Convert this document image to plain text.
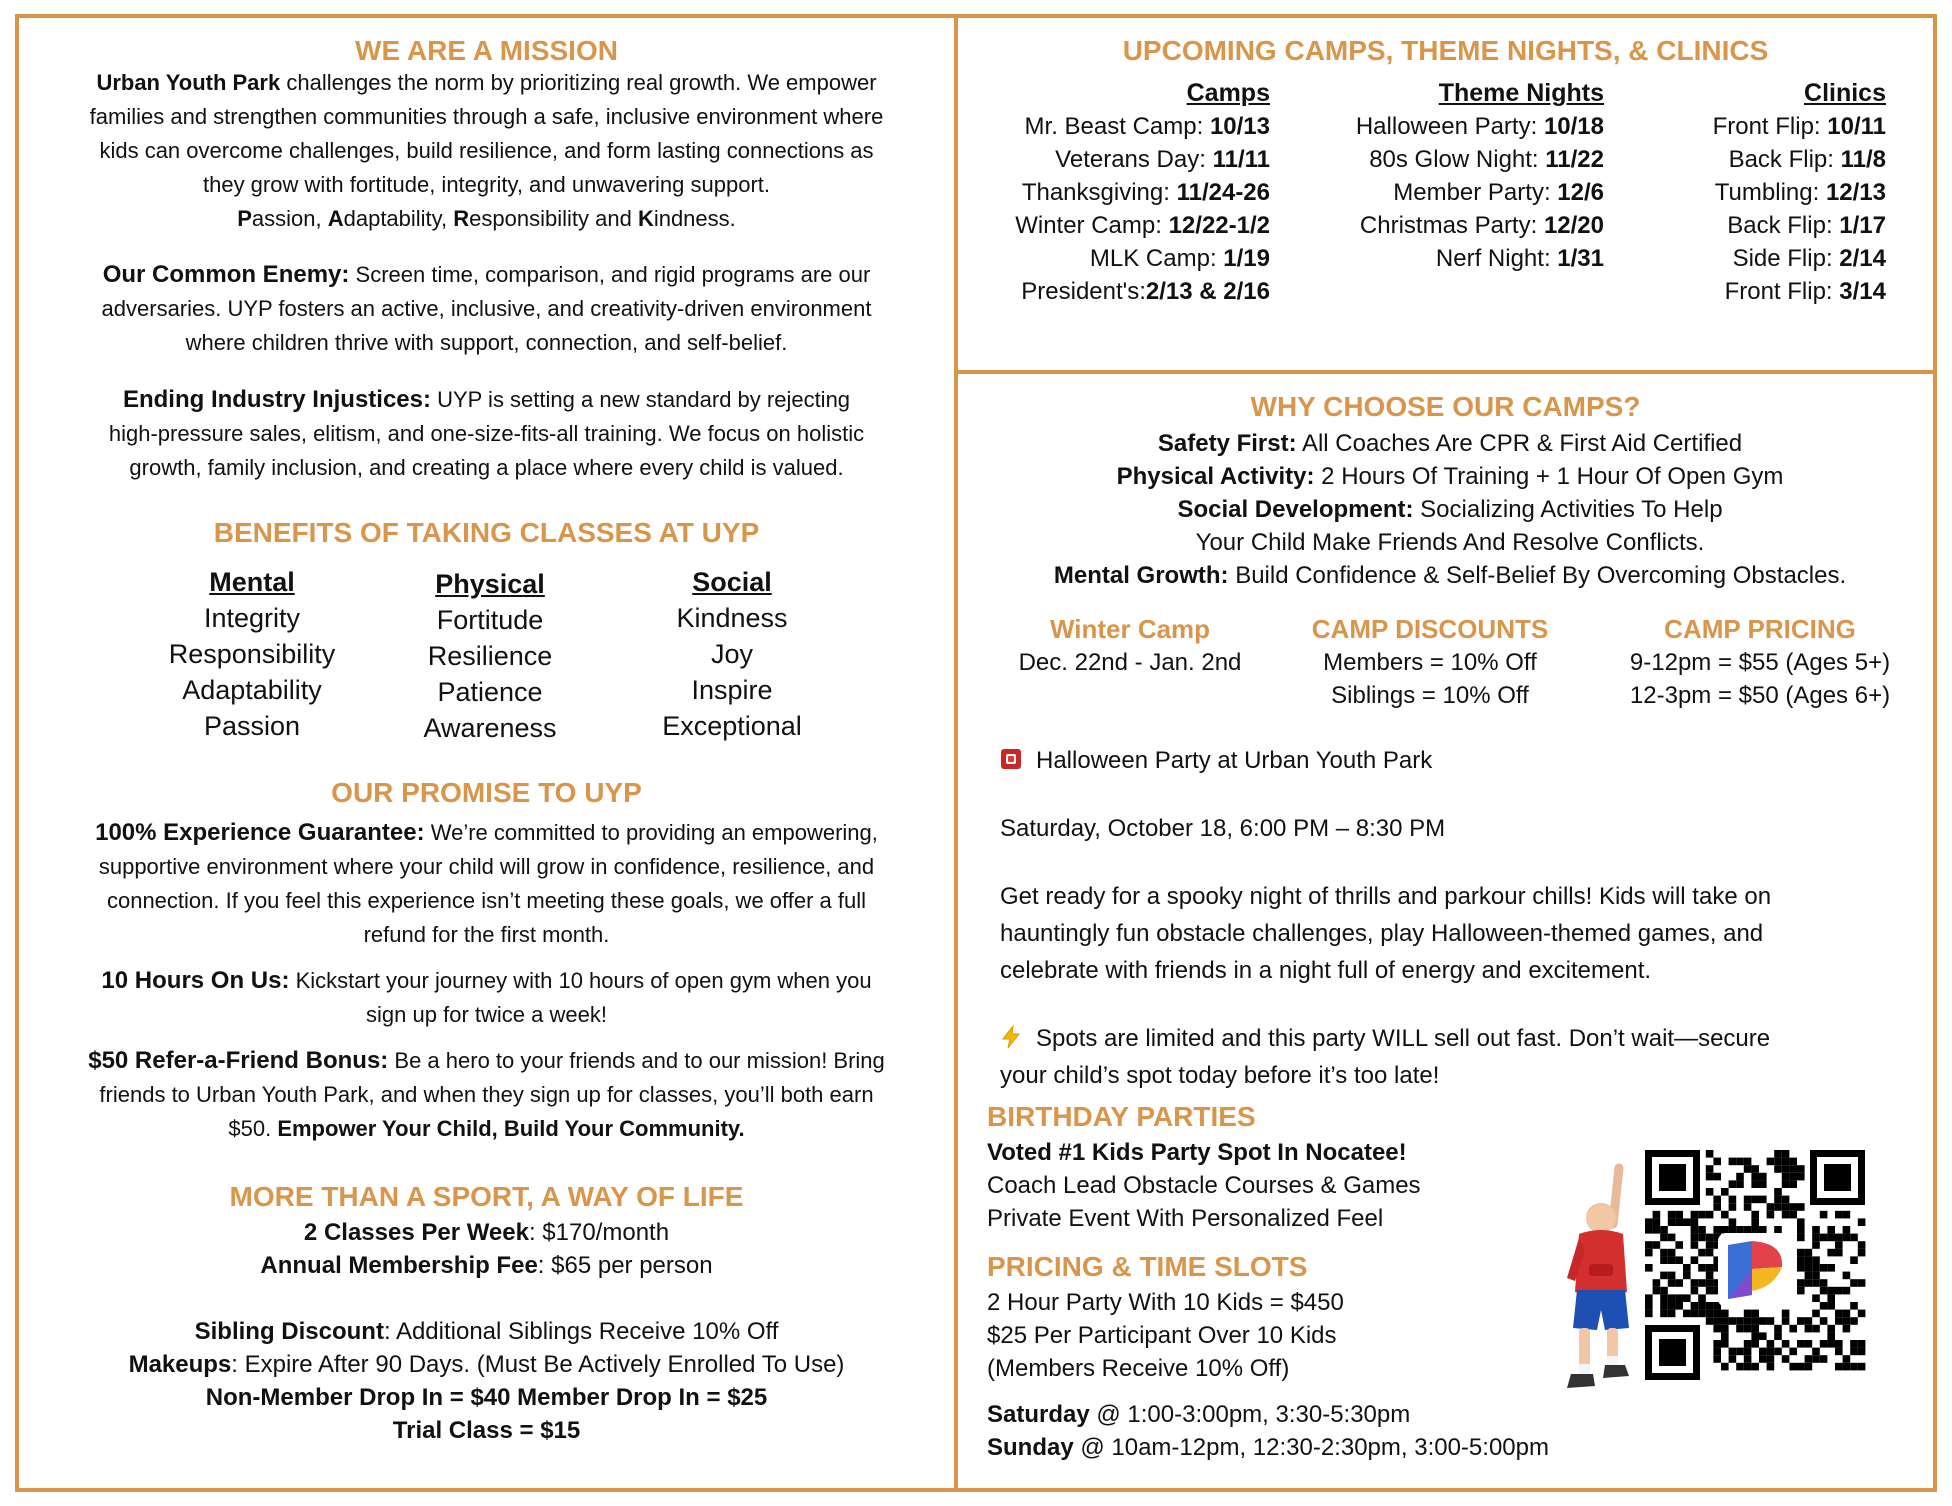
WE ARE A MISSION
Urban Youth Park challenges the norm by prioritizing real growth. We empower
families and strengthen communities through a safe, inclusive environment where
kids can overcome challenges, build resilience, and form lasting connections as
they grow with fortitude, integrity, and unwavering support.
Passion, Adaptability, Responsibility and Kindness.
Our Common Enemy: Screen time, comparison, and rigid programs are our
adversaries. UYP fosters an active, inclusive, and creativity-driven environment
where children thrive with support, connection, and self-belief.
Ending Industry Injustices: UYP is setting a new standard by rejecting
high-pressure sales, elitism, and one-size-fits-all training. We focus on holistic
growth, family inclusion, and creating a place where every child is valued.
BENEFITS OF TAKING CLASSES AT UYP
Mental
Integrity
Responsibility
Adaptability
Passion
Physical
Fortitude
Resilience
Patience
Awareness
Social
Kindness
Joy
Inspire
Exceptional
OUR PROMISE TO UYP
100% Experience Guarantee: We’re committed to providing an empowering,
supportive environment where your child will grow in confidence, resilience, and
connection. If you feel this experience isn’t meeting these goals, we offer a full
refund for the first month.
10 Hours On Us: Kickstart your journey with 10 hours of open gym when you
sign up for twice a week!
$50 Refer-a-Friend Bonus: Be a hero to your friends and to our mission! Bring
friends to Urban Youth Park, and when they sign up for classes, you’ll both earn
$50. Empower Your Child, Build Your Community.
MORE THAN A SPORT, A WAY OF LIFE
2 Classes Per Week: $170/month
Annual Membership Fee: $65 per person
Sibling Discount: Additional Siblings Receive 10% Off
Makeups: Expire After 90 Days. (Must Be Actively Enrolled To Use)
Non-Member Drop In = $40 Member Drop In = $25
Trial Class = $15
UPCOMING CAMPS, THEME NIGHTS, & CLINICS
Camps
Mr. Beast Camp: 10/13
Veterans Day: 11/11
Thanksgiving: 11/24-26
Winter Camp: 12/22-1/2
MLK Camp: 1/19
President's:2/13 & 2/16
Theme Nights
Halloween Party: 10/18
80s Glow Night: 11/22
Member Party: 12/6
Christmas Party: 12/20
Nerf Night: 1/31
Clinics
Front Flip: 10/11
Back Flip: 11/8
Tumbling: 12/13
Back Flip: 1/17
Side Flip: 2/14
Front Flip: 3/14
WHY CHOOSE OUR CAMPS?
Safety First: All Coaches Are CPR & First Aid Certified
Physical Activity: 2 Hours Of Training + 1 Hour Of Open Gym
Social Development: Socializing Activities To Help
Your Child Make Friends And Resolve Conflicts.
Mental Growth: Build Confidence & Self-Belief By Overcoming Obstacles.
Winter Camp
Dec. 22nd - Jan. 2nd
CAMP DISCOUNTS
Members = 10% Off
Siblings = 10% Off
CAMP PRICING
9-12pm = $55 (Ages 5+)
12-3pm = $50 (Ages 6+)
Halloween Party at Urban Youth Park
Saturday, October 18, 6:00 PM – 8:30 PM
Get ready for a spooky night of thrills and parkour chills! Kids will take on
hauntingly fun obstacle challenges, play Halloween-themed games, and
celebrate with friends in a night full of energy and excitement.
Spots are limited and this party WILL sell out fast. Don’t wait—secure
your child’s spot today before it’s too late!
BIRTHDAY PARTIES
Voted #1 Kids Party Spot In Nocatee!
Coach Lead Obstacle Courses & Games
Private Event With Personalized Feel
PRICING & TIME SLOTS
2 Hour Party With 10 Kids = $450
$25 Per Participant Over 10 Kids
(Members Receive 10% Off)
Saturday @ 1:00-3:00pm, 3:30-5:30pm
Sunday @ 10am-12pm, 12:30-2:30pm, 3:00-5:00pm
